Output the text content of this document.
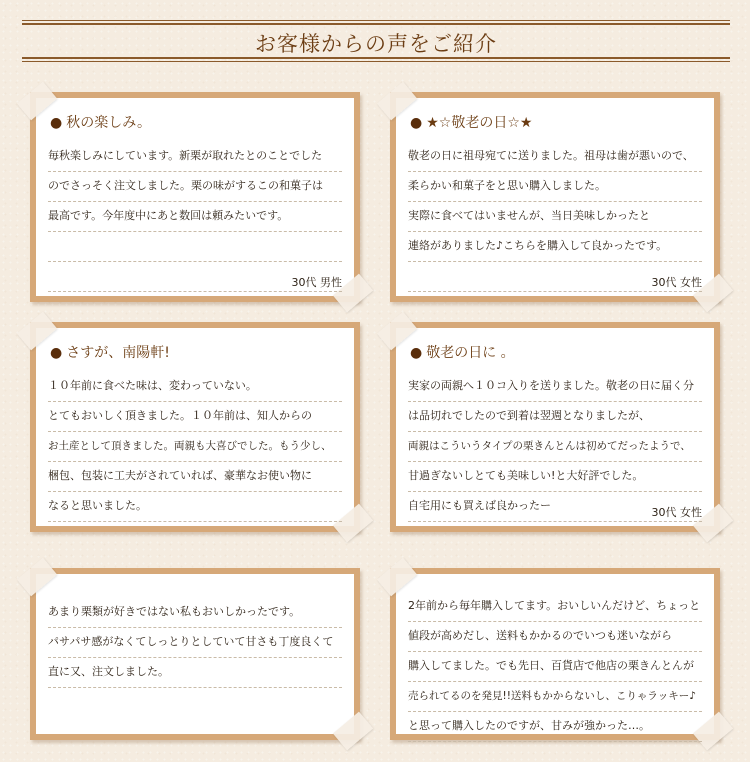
お客様からの声をご紹介
● 秋の楽しみ。
毎秋楽しみにしています。新栗が取れたとのことでした
のでさっそく注文しました。栗の味がするこの和菓子は
最高です。今年度中にあと数回は頼みたいです。
30代 男性
● ★☆敬老の日☆★
敬老の日に祖母宛てに送りました。祖母は歯が悪いので、
柔らかい和菓子をと思い購入しました。
実際に食べてはいませんが、当日美味しかったと
連絡がありました♪こちらを購入して良かったです。
30代 女性
● さすが、南陽軒!
１０年前に食べた味は、変わっていない。
とてもおいしく頂きました。１０年前は、知人からの
お土産として頂きました。両親も大喜びでした。もう少し、
梱包、包装に工夫がされていれば、豪華なお使い物に
なると思いました。
● 敬老の日に 。
実家の両親へ１０コ入りを送りました。敬老の日に届く分
は品切れでしたので到着は翌週となりましたが、
両親はこういうタイプの栗きんとんは初めてだったようで、
甘過ぎないしとても美味しい!と大好評でした。
自宅用にも買えば良かったー
30代 女性
あまり栗類が好きではない私もおいしかったです。
パサパサ感がなくてしっとりとしていて甘さも丁度良くて
直に又、注文しました。
2年前から毎年購入してます。おいしいんだけど、ちょっと
値段が高めだし、送料もかかるのでいつも迷いながら
購入してました。でも先日、百貨店で他店の栗きんとんが
売られてるのを発見!!送料もかからないし、こりゃラッキー♪
と思って購入したのですが、甘みが強かった…。
